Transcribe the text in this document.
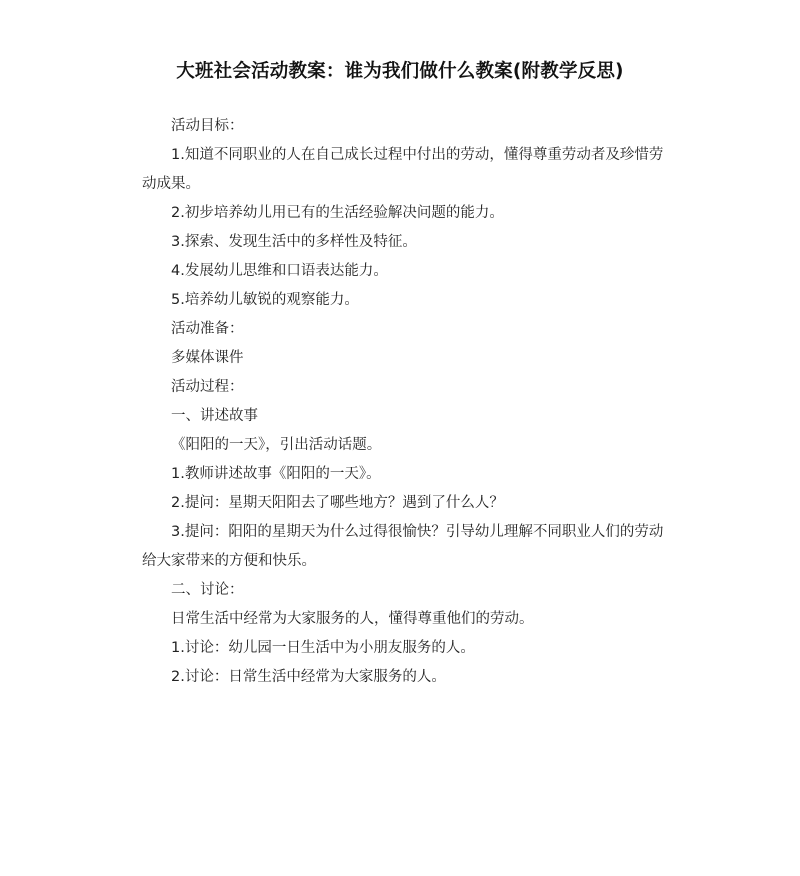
大班社会活动教案：谁为我们做什么教案(附教学反思)

活动目标：

1.知道不同职业的人在自己成长过程中付出的劳动，懂得尊重劳动者及珍惜劳
动成果。

2.初步培养幼儿用已有的生活经验解决问题的能力。

3.探索、发现生活中的多样性及特征。

4.发展幼儿思维和口语表达能力。

5.培养幼儿敏锐的观察能力。

活动准备：

多媒体课件

活动过程：

一、讲述故事

《阳阳的一天》，引出活动话题。

1.教师讲述故事《阳阳的一天》。

2.提问：星期天阳阳去了哪些地方？遇到了什么人？

3.提问：阳阳的星期天为什么过得很愉快？引导幼儿理解不同职业人们的劳动
给大家带来的方便和快乐。

二、讨论：

日常生活中经常为大家服务的人，懂得尊重他们的劳动。

1.讨论：幼儿园一日生活中为小朋友服务的人。

2.讨论：日常生活中经常为大家服务的人。
